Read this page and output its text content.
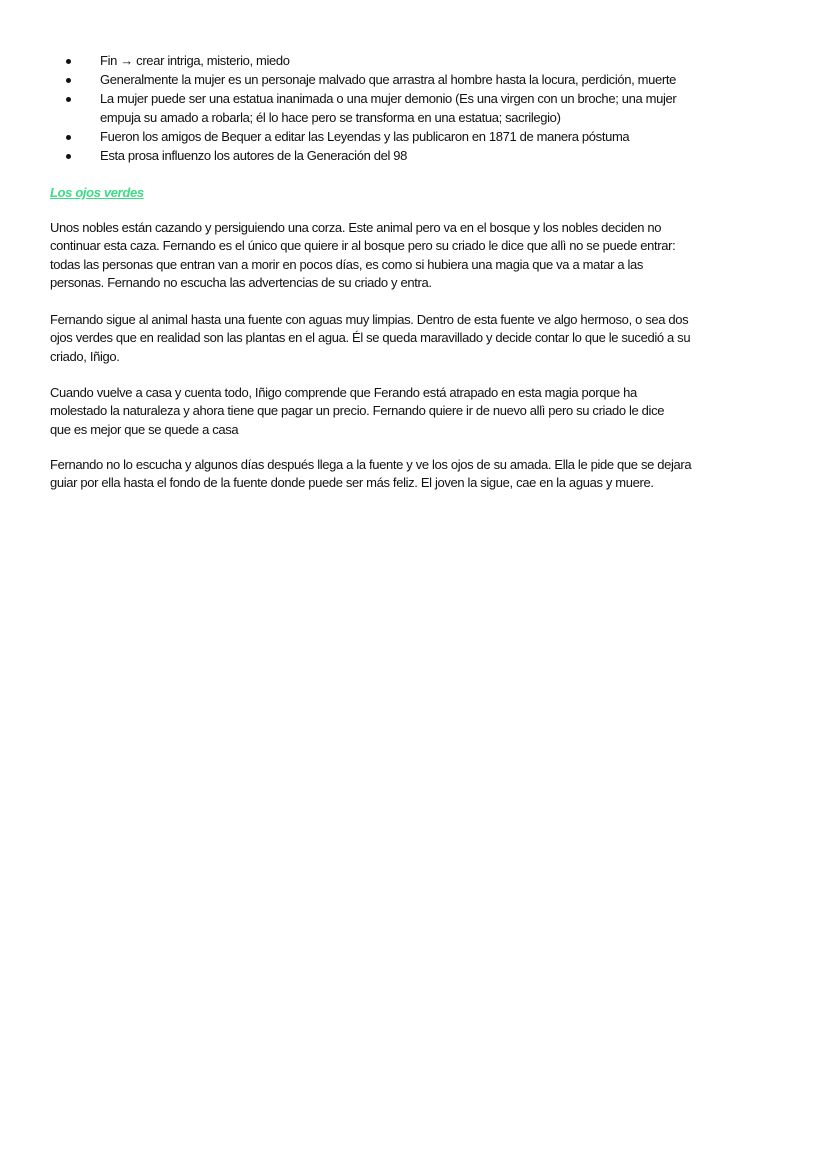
Fin → crear intriga, misterio, miedo
Generalmente la mujer es un personaje malvado que arrastra al hombre hasta la locura, perdición, muerte
La mujer puede ser una estatua inanimada o una mujer demonio (Es una virgen con un broche; una mujer
empuja su amado a robarla; él lo hace pero se transforma en una estatua; sacrilegio)
Fueron los amigos de Bequer a editar las Leyendas y las publicaron en 1871 de manera póstuma
Esta prosa influenzo los autores de la Generación del 98
Los ojos verdes
Unos nobles están cazando y persiguiendo una corza. Este animal pero va en el bosque y los nobles deciden no
continuar esta caza. Fernando es el único que quiere ir al bosque pero su criado le dice que allì no se puede entrar:
todas las personas que entran van a morir en pocos días, es como si hubiera una magia que va a matar a las
personas. Fernando no escucha las advertencias de su criado y entra.
Fernando sigue al animal hasta una fuente con aguas muy limpias. Dentro de esta fuente ve algo hermoso, o sea dos
ojos verdes que en realidad son las plantas en el agua. Él se queda maravillado y decide contar lo que le sucedió a su
criado, Iñigo.
Cuando vuelve a casa y cuenta todo, Iñigo comprende que Ferando está atrapado en esta magia porque ha
molestado la naturaleza y ahora tiene que pagar un precio. Fernando quiere ir de nuevo allì pero su criado le dice
que es mejor que se quede a casa
Fernando no lo escucha y algunos días después llega a la fuente y ve los ojos de su amada. Ella le pide que se dejara
guiar por ella hasta el fondo de la fuente donde puede ser más feliz. El joven la sigue, cae en la aguas y muere.
